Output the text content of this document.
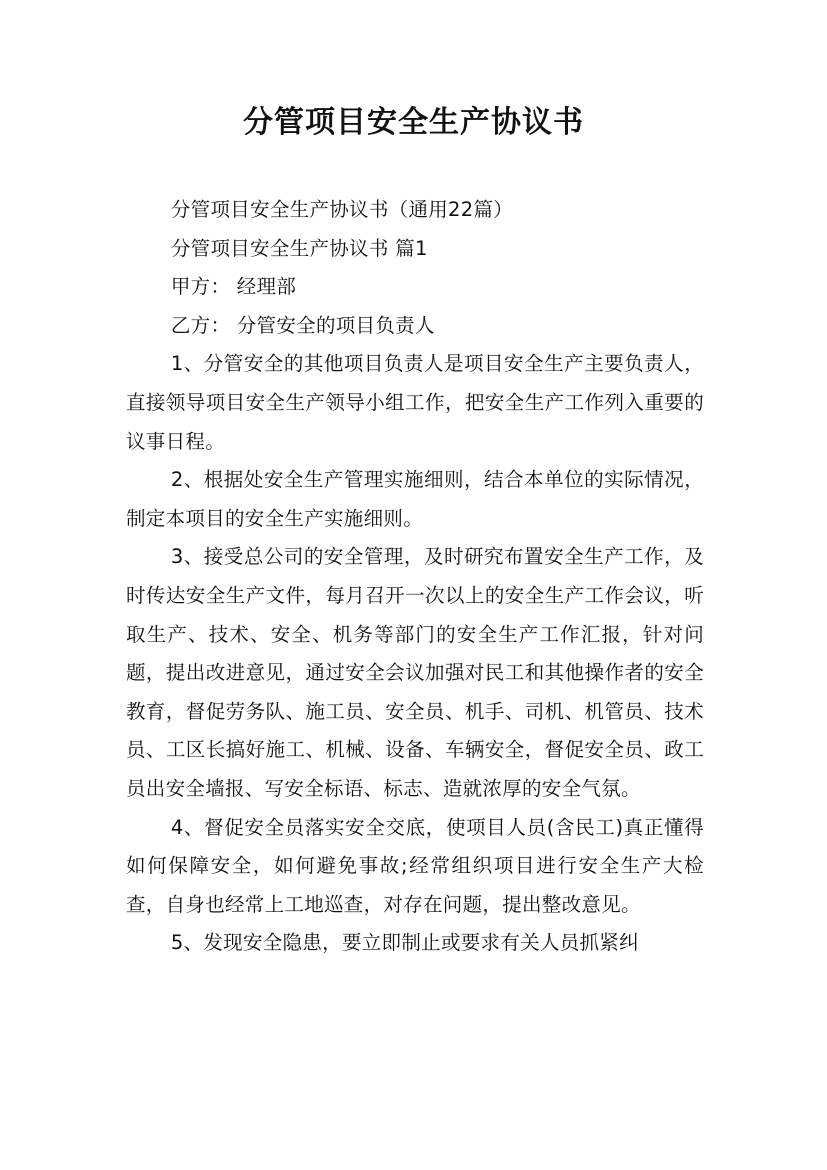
分管项目安全生产协议书

分管项目安全生产协议书（通用22篇）

分管项目安全生产协议书 篇1

甲方： 经理部

乙方： 分管安全的项目负责人

1、分管安全的其他项目负责人是项目安全生产主要负责人，直接领导项目安全生产领导小组工作，把安全生产工作列入重要的议事日程。

2、根据处安全生产管理实施细则，结合本单位的实际情况，制定本项目的安全生产实施细则。

3、接受总公司的安全管理，及时研究布置安全生产工作，及时传达安全生产文件，每月召开一次以上的安全生产工作会议，听取生产、技术、安全、机务等部门的安全生产工作汇报，针对问题，提出改进意见，通过安全会议加强对民工和其他操作者的安全教育，督促劳务队、施工员、安全员、机手、司机、机管员、技术员、工区长搞好施工、机械、设备、车辆安全，督促安全员、政工员出安全墙报、写安全标语、标志、造就浓厚的安全气氛。

4、督促安全员落实安全交底，使项目人员(含民工)真正懂得如何保障安全，如何避免事故;经常组织项目进行安全生产大检查，自身也经常上工地巡查，对存在问题，提出整改意见。

5、发现安全隐患，要立即制止或要求有关人员抓紧纠
